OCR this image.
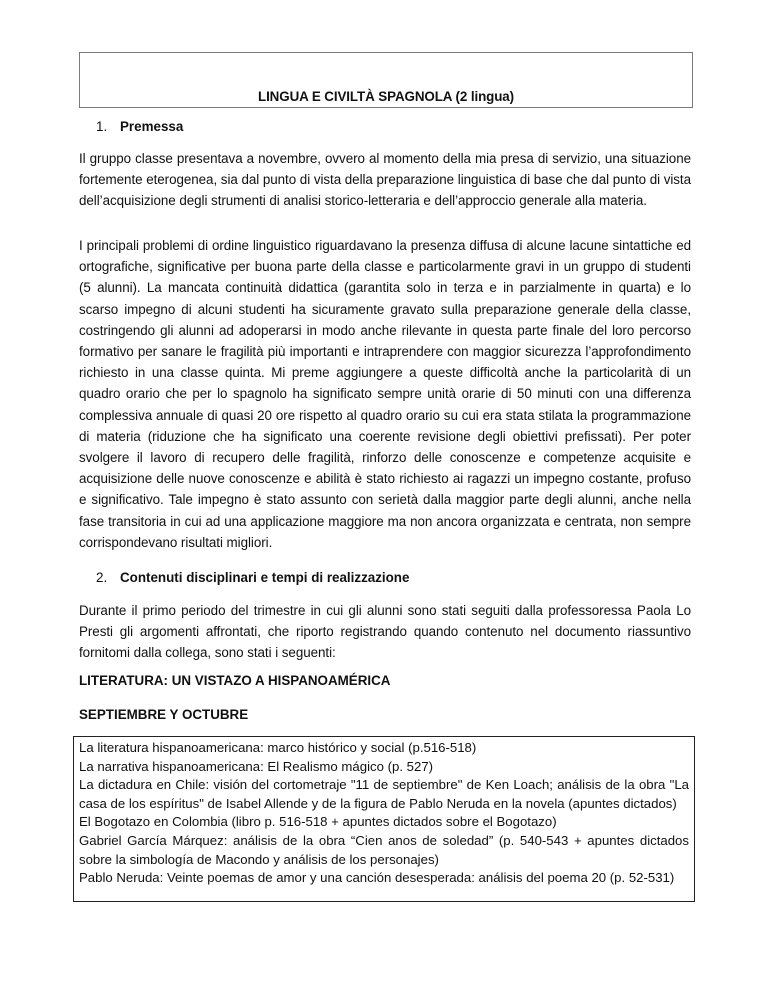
LINGUA E CIVILTÀ SPAGNOLA (2 lingua)
1. Premessa
Il gruppo classe presentava a novembre, ovvero al momento della mia presa di servizio, una situazione fortemente eterogenea, sia dal punto di vista della preparazione linguistica di base che dal punto di vista dell’acquisizione degli strumenti di analisi storico-letteraria e dell’approccio generale alla materia.
I principali problemi di ordine linguistico riguardavano la presenza diffusa di alcune lacune sintattiche ed ortografiche, significative per buona parte della classe e particolarmente gravi in un gruppo di studenti (5 alunni). La mancata continuità didattica (garantita solo in terza e in parzialmente in quarta) e lo scarso impegno di alcuni studenti ha sicuramente gravato sulla preparazione generale della classe, costringendo gli alunni ad adoperarsi in modo anche rilevante in questa parte finale del loro percorso formativo per sanare le fragilità più importanti e intraprendere con maggior sicurezza l’approfondimento richiesto in una classe quinta. Mi preme aggiungere a queste difficoltà anche la particolarità di un quadro orario che per lo spagnolo ha significato sempre unità orarie di 50 minuti con una differenza complessiva annuale di quasi 20 ore rispetto al quadro orario su cui era stata stilata la programmazione di materia (riduzione che ha significato una coerente revisione degli obiettivi prefissati). Per poter svolgere il lavoro di recupero delle fragilità, rinforzo delle conoscenze e competenze acquisite e acquisizione delle nuove conoscenze e abilità è stato richiesto ai ragazzi un impegno costante, profuso e significativo. Tale impegno è stato assunto con serietà dalla maggior parte degli alunni, anche nella fase transitoria in cui ad una applicazione maggiore ma non ancora organizzata e centrata, non sempre corrispondevano risultati migliori.
2. Contenuti disciplinari e tempi di realizzazione
Durante il primo periodo del trimestre in cui gli alunni sono stati seguiti dalla professoressa Paola Lo Presti gli argomenti affrontati, che riporto registrando quando contenuto nel documento riassuntivo fornitomi dalla collega, sono stati i seguenti:
LITERATURA: UN VISTAZO A HISPANOAMÉRICA
SEPTIEMBRE Y OCTUBRE
La literatura hispanoamericana: marco histórico y social (p.516-518)
La narrativa hispanoamericana: El Realismo mágico (p. 527)
La dictadura en Chile: visión del cortometraje "11 de septiembre" de Ken Loach; análisis de la obra "La casa de los espíritus" de Isabel Allende y de la figura de Pablo Neruda en la novela (apuntes dictados)
El Bogotazo en Colombia (libro p. 516-518 + apuntes dictados sobre el Bogotazo)
Gabriel García Márquez: análisis de la obra “Cien anos de soledad” (p. 540-543 + apuntes dictados sobre la simbología de Macondo y análisis de los personajes)
Pablo Neruda: Veinte poemas de amor y una canción desesperada: análisis del poema 20 (p. 52-531)
